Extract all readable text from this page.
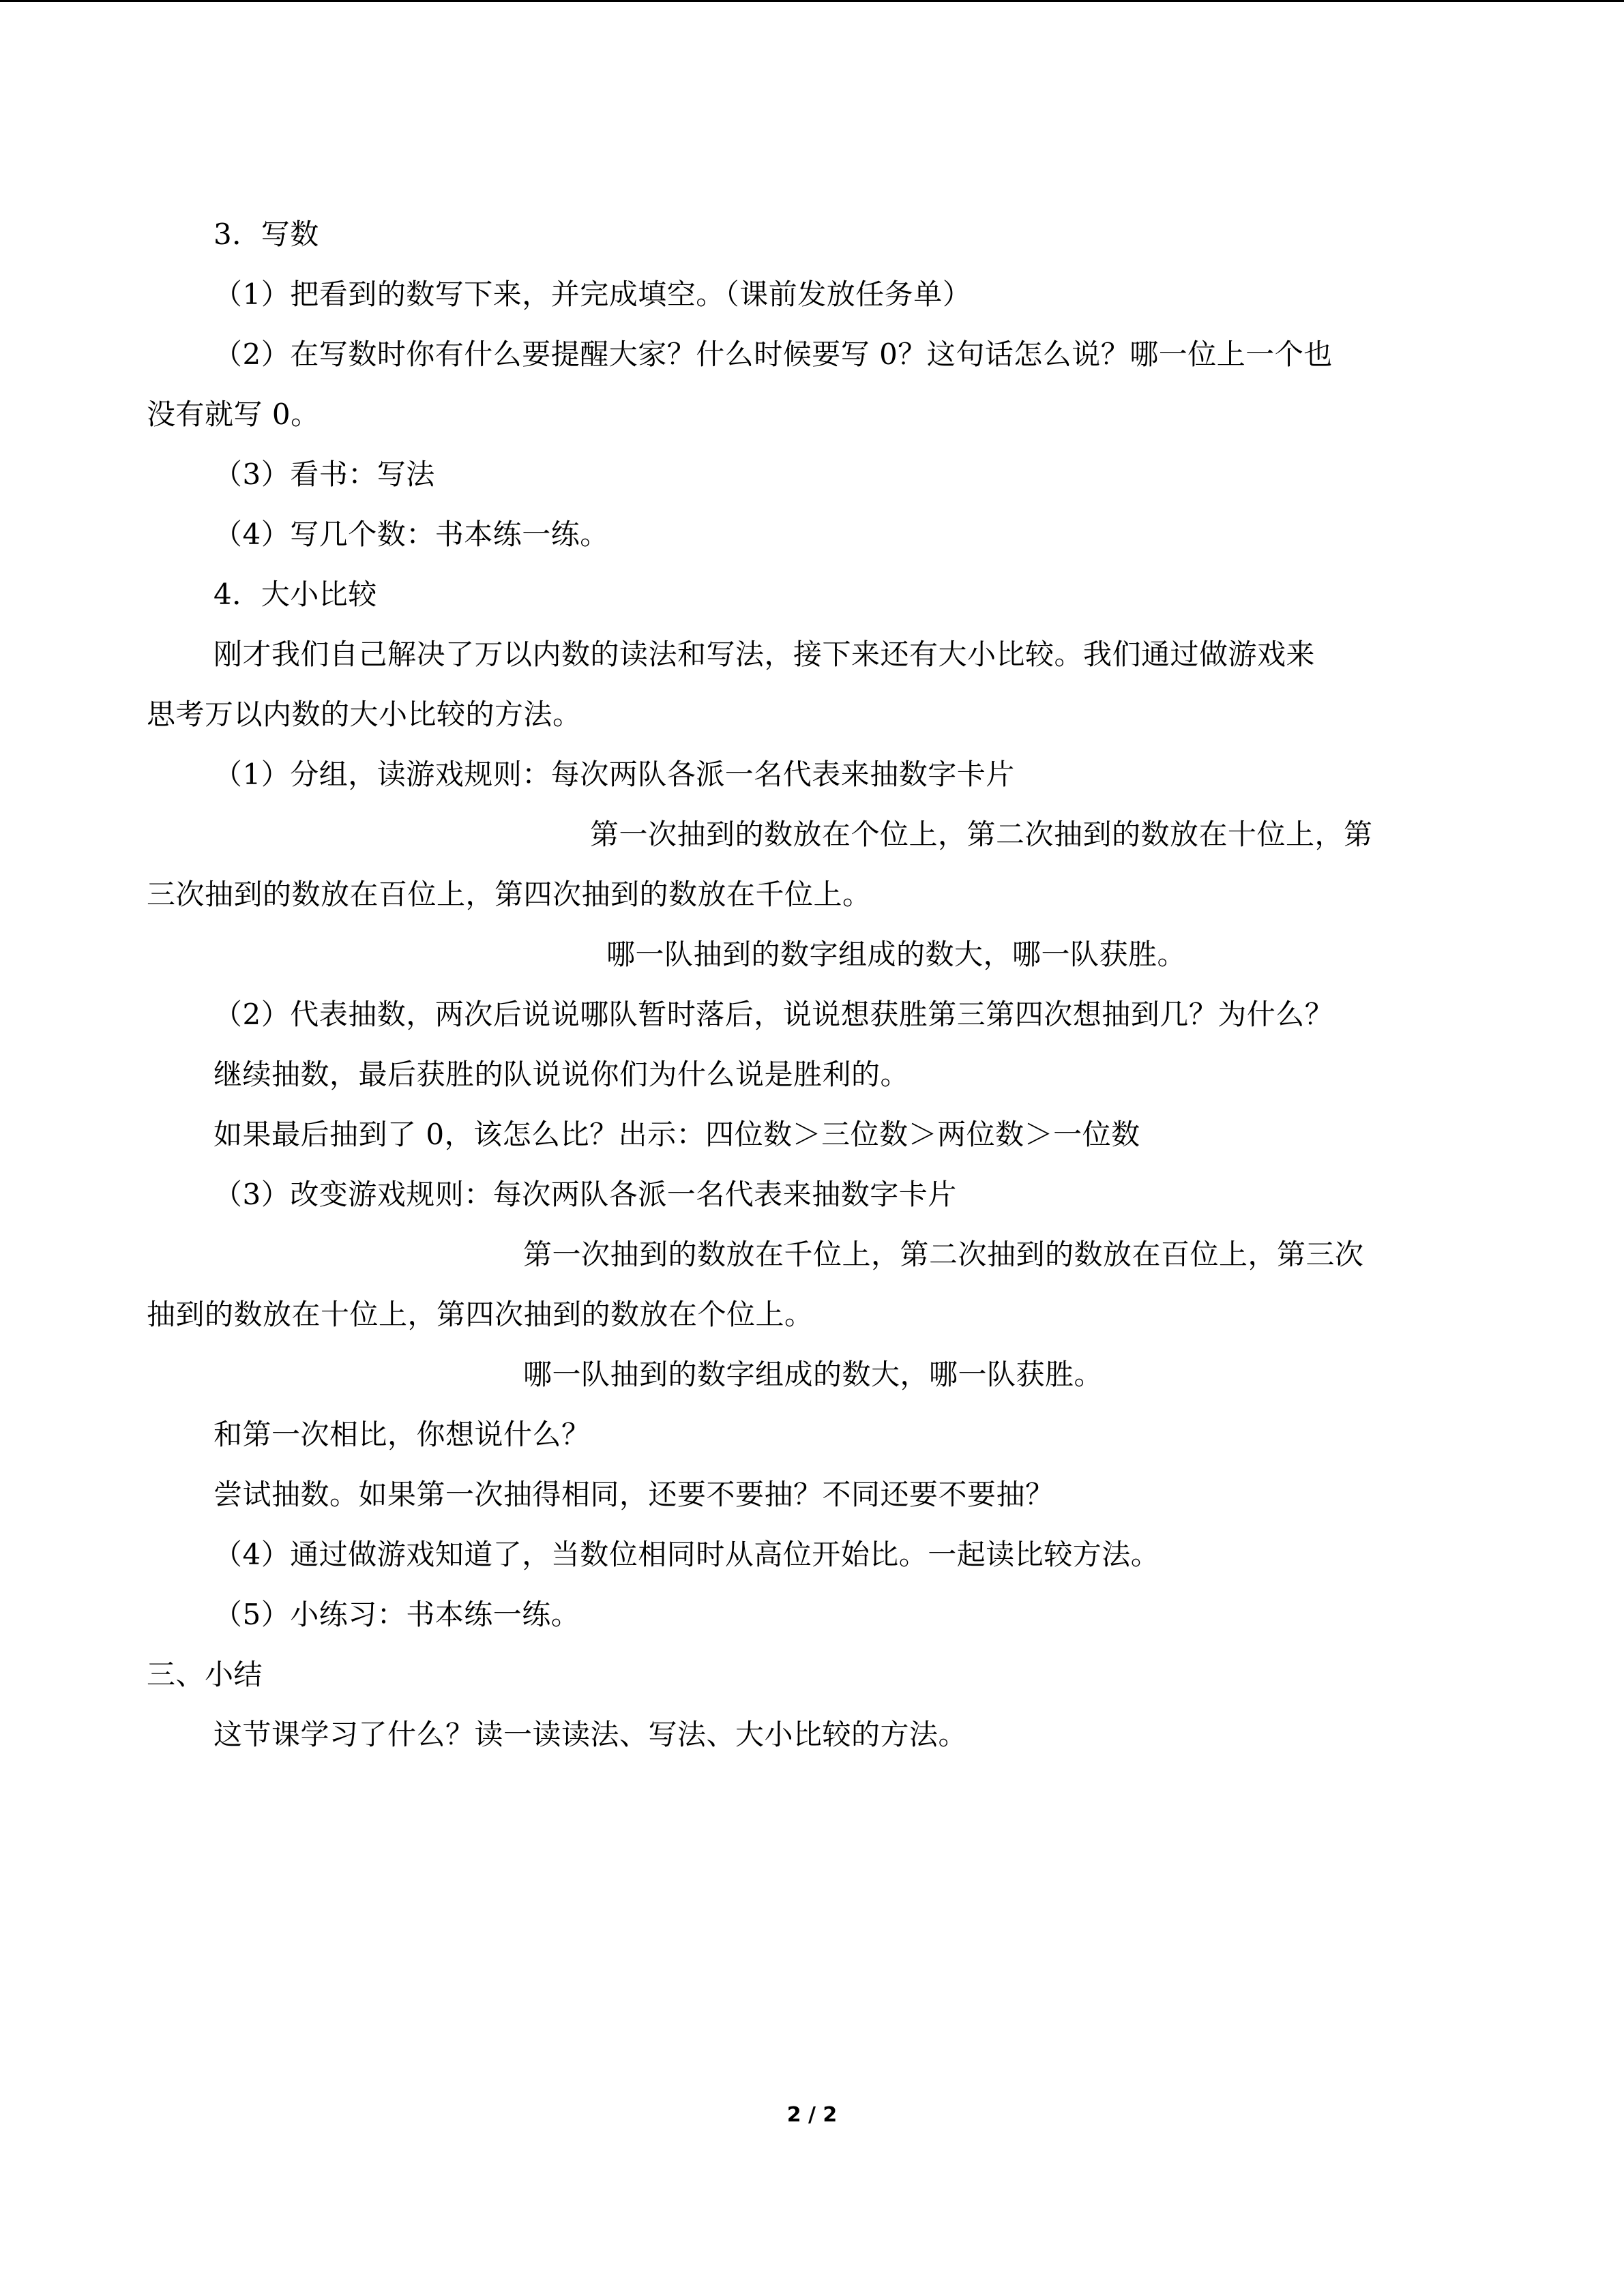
3．写数
（1）把看到的数写下来，并完成填空。（课前发放任务单）
（2）在写数时你有什么要提醒大家？什么时候要写 0？这句话怎么说？哪一位上一个也
没有就写 0。
（3）看书：写法
（4）写几个数：书本练一练。
4．大小比较
刚才我们自己解决了万以内数的读法和写法，接下来还有大小比较。我们通过做游戏来
思考万以内数的大小比较的方法。
（1）分组，读游戏规则：每次两队各派一名代表来抽数字卡片
第一次抽到的数放在个位上，第二次抽到的数放在十位上，第
三次抽到的数放在百位上，第四次抽到的数放在千位上。
哪一队抽到的数字组成的数大，哪一队获胜。
（2）代表抽数，两次后说说哪队暂时落后，说说想获胜第三第四次想抽到几？为什么？
继续抽数，最后获胜的队说说你们为什么说是胜利的。
如果最后抽到了 0，该怎么比？出示：四位数＞三位数＞两位数＞一位数
（3）改变游戏规则：每次两队各派一名代表来抽数字卡片
第一次抽到的数放在千位上，第二次抽到的数放在百位上，第三次
抽到的数放在十位上，第四次抽到的数放在个位上。
哪一队抽到的数字组成的数大，哪一队获胜。
和第一次相比，你想说什么？
尝试抽数。如果第一次抽得相同，还要不要抽？不同还要不要抽？
（4）通过做游戏知道了，当数位相同时从高位开始比。一起读比较方法。
（5）小练习：书本练一练。
三、小结
这节课学习了什么？读一读读法、写法、大小比较的方法。
2 / 2
